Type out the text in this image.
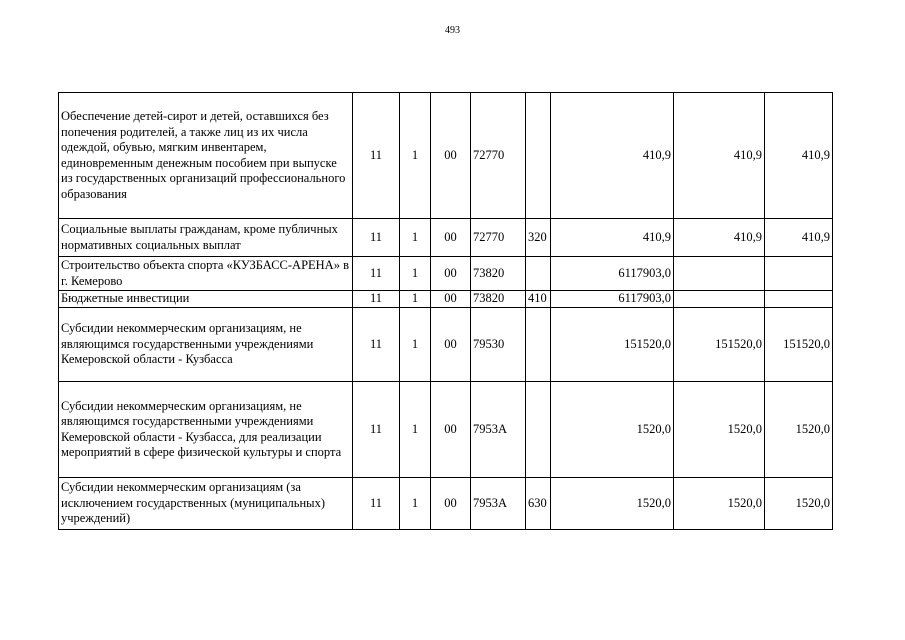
493
Обеспечение детей-сирот и детей, оставшихся без попечения родителей, а также лиц из их числа одеждой, обувью, мягким инвентарем, единовременным денежным пособием при выпуске из государственных организаций профессионального образования	11	1	00	72770		410,9	410,9	410,9
Социальные выплаты гражданам, кроме публичных нормативных социальных выплат	11	1	00	72770	320	410,9	410,9	410,9
Строительство объекта спорта «КУЗБАСС-АРЕНА» в г. Кемерово	11	1	00	73820		6117903,0		
Бюджетные инвестиции	11	1	00	73820	410	6117903,0		
Субсидии некоммерческим организациям, не являющимся государственными учреждениями Кемеровской области - Кузбасса	11	1	00	79530		151520,0	151520,0	151520,0
Субсидии некоммерческим организациям, не являющимся государственными учреждениями Кемеровской области - Кузбасса, для реализации мероприятий в сфере физической культуры и спорта	11	1	00	7953A		1520,0	1520,0	1520,0
Субсидии некоммерческим организациям (за исключением государственных (муниципальных) учреждений)	11	1	00	7953A	630	1520,0	1520,0	1520,0
